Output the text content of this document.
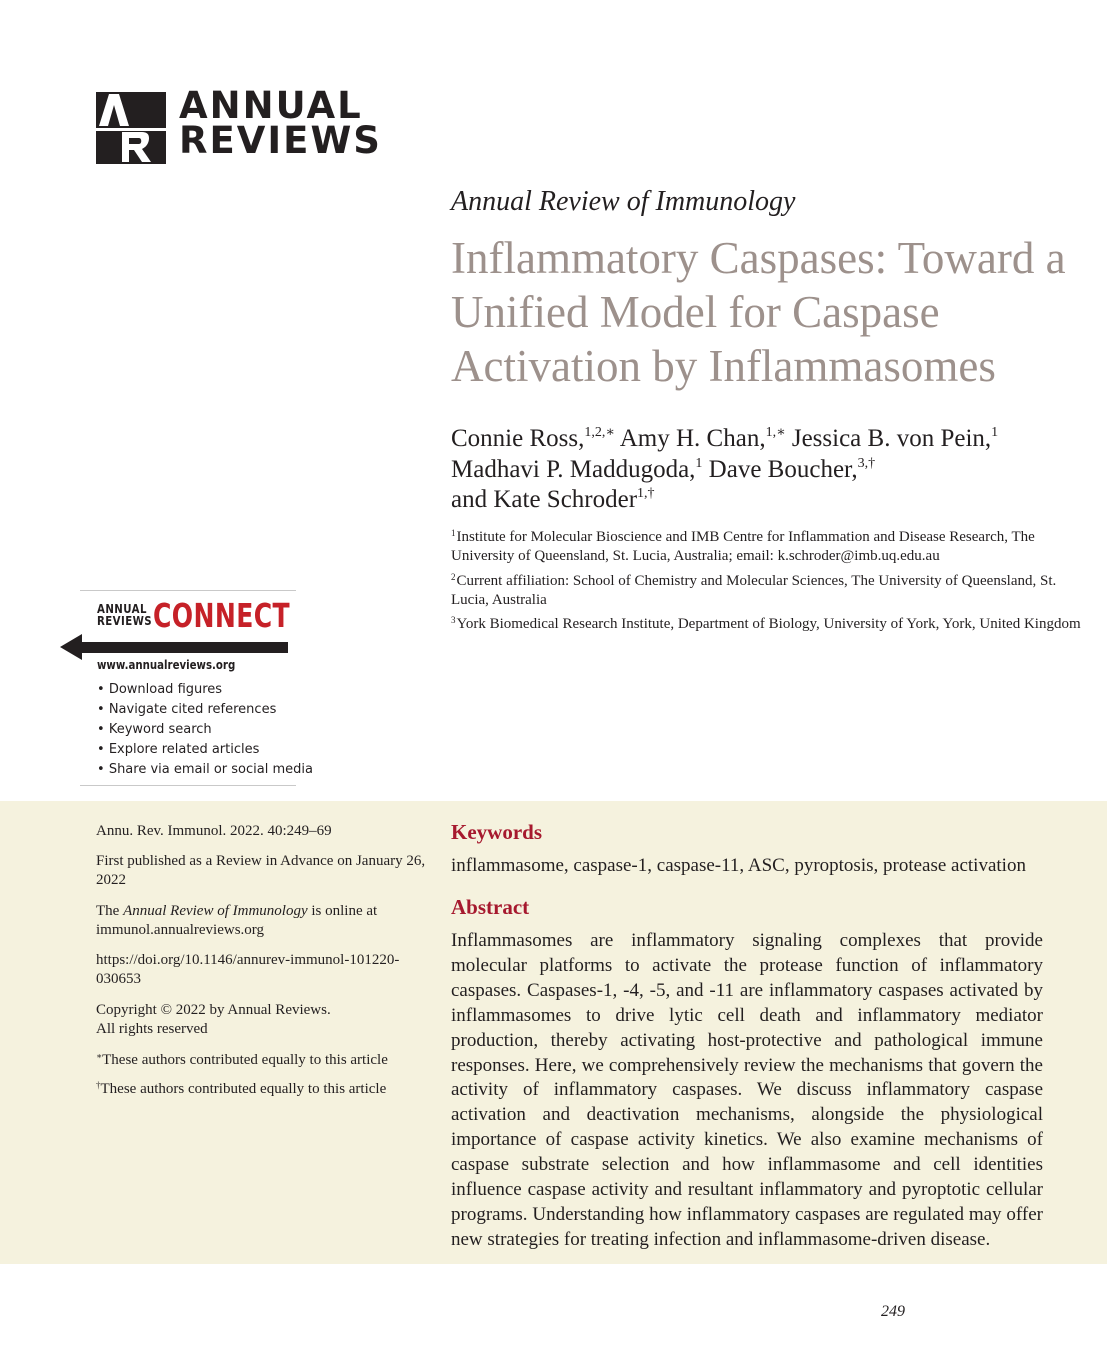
ANNUAL
REVIEWS
Annual Review of Immunology
Inflammatory Caspases: Toward a Unified Model for Caspase Activation by Inflammasomes
Connie Ross,$^{1,2,∗}$ Amy H. Chan,$^{1,∗}$ Jessica B. von Pein,$^1$
Madhavi P. Maddugoda,$^1$ Dave Boucher,$^{3,\dagger}$
and Kate Schroder$^{1,\dagger}$
$^1$Institute for Molecular Bioscience and IMB Centre for Inflammation and Disease Research, The University of Queensland, St. Lucia, Australia; email: k.schroder@imb.uq.edu.au
$^2$Current affiliation: School of Chemistry and Molecular Sciences, The University of Queensland, St. Lucia, Australia
$^3$York Biomedical Research Institute, Department of Biology, University of York, York, United Kingdom
ANNUAL
REVIEWS CONNECT
www.annualreviews.org
• Download figures
• Navigate cited references
• Keyword search
• Explore related articles
• Share via email or social media
Annu. Rev. Immunol. 2022. 40:249–69
First published as a Review in Advance on January 26, 2022
The Annual Review of Immunology is online at immunol.annualreviews.org
https://doi.org/10.1146/annurev-immunol-101220-030653
Copyright © 2022 by Annual Reviews.
All rights reserved
∗These authors contributed equally to this article
†These authors contributed equally to this article
Keywords
inflammasome, caspase-1, caspase-11, ASC, pyroptosis, protease activation
Abstract
Inflammasomes are inflammatory signaling complexes that provide molecular platforms to activate the protease function of inflammatory caspases. Caspases-1, -4, -5, and -11 are inflammatory caspases activated by inflammasomes to drive lytic cell death and inflammatory mediator production, thereby activating host-protective and pathological immune responses. Here, we comprehensively review the mechanisms that govern the activity of inflammatory caspases. We discuss inflammatory caspase activation and deactivation mechanisms, alongside the physiological importance of caspase activity kinetics. We also examine mechanisms of caspase substrate selection and how inflammasome and cell identities influence caspase activity and resultant inflammatory and pyroptotic cellular programs. Understanding how inflammatory caspases are regulated may offer new strategies for treating infection and inflammasome-driven disease.
249
